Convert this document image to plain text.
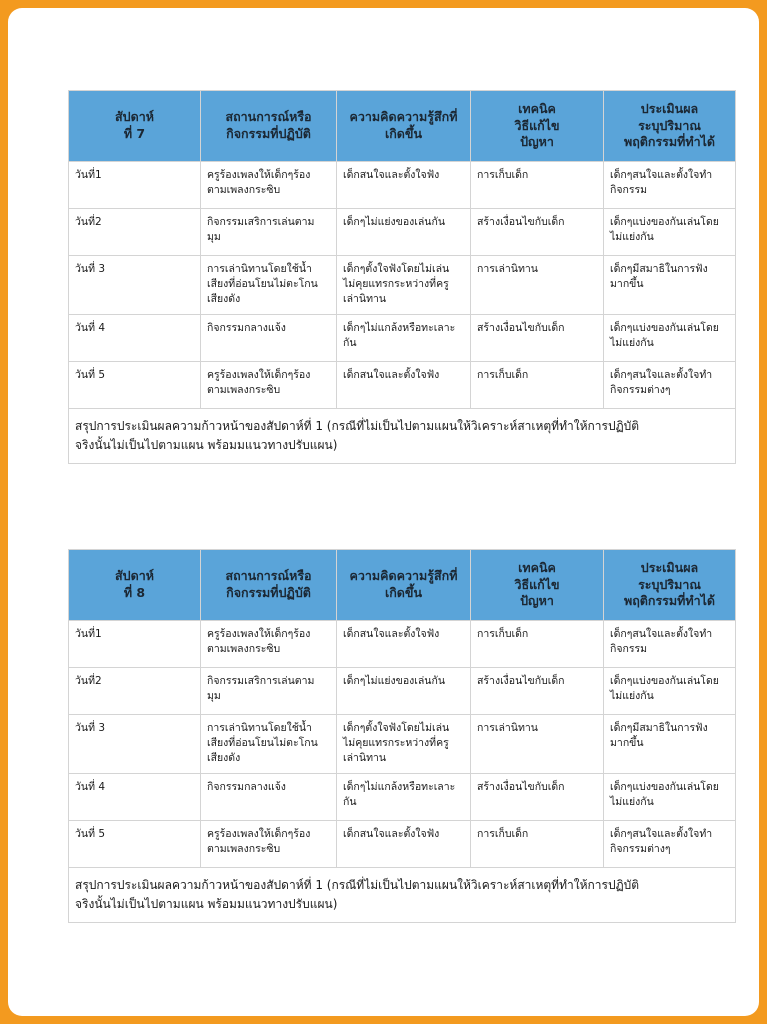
สัปดาห์
ที่ 7	สถานการณ์หรือ
กิจกรรมที่ปฏิบัติ	ความคิดความรู้สึกที่
เกิดขึ้น	เทคนิค
วิธีแก้ไข
ปัญหา	ประเมินผล
ระบุปริมาณ
พฤติกรรมที่ทำได้
วันที่1	ครูร้องเพลงให้เด็กๆร้อง
ตามเพลงกระซิบ	เด็กสนใจและตั้งใจฟัง	การเก็บเด็ก	เด็กๆสนใจและตั้งใจทำ
กิจกรรม
วันที่2	กิจกรรมเสริการเล่นตาม
มุม	เด็กๆไม่แย่งของเล่นกัน	สร้างเงื่อนไขกับเด็ก	เด็กๆแบ่งของกันเล่นโดย
ไม่แย่งกัน
วันที่ 3	การเล่านิทานโดยใช้น้ำ
เสียงที่อ่อนโยนไม่ตะโกน
เสียงดัง	เด็กๆตั้งใจฟังโดยไม่เล่น
ไม่คุยแทรกระหว่างที่ครู
เล่านิทาน	การเล่านิทาน	เด็กๆมีสมาธิในการฟัง
มากขึ้น
วันที่ 4	กิจกรรมกลางแจ้ง	เด็กๆไม่แกล้งหรือทะเลาะ
กัน	สร้างเงื่อนไขกับเด็ก	เด็กๆแบ่งของกันเล่นโดย
ไม่แย่งกัน
วันที่ 5	ครูร้องเพลงให้เด็กๆร้อง
ตามเพลงกระซิบ	เด็กสนใจและตั้งใจฟัง	การเก็บเด็ก	เด็กๆสนใจและตั้งใจทำ
กิจกรรมต่างๆ
สรุปการประเมินผลความก้าวหน้าของสัปดาห์ที่ 1 (กรณีที่ไม่เป็นไปตามแผนให้วิเคราะห์สาเหตุที่ทำให้การปฏิบัติ
จริงนั้นไม่เป็นไปตามแผน พร้อมมแนวทางปรับแผน)				
สัปดาห์
ที่ 8	สถานการณ์หรือ
กิจกรรมที่ปฏิบัติ	ความคิดความรู้สึกที่
เกิดขึ้น	เทคนิค
วิธีแก้ไข
ปัญหา	ประเมินผล
ระบุปริมาณ
พฤติกรรมที่ทำได้
วันที่1	ครูร้องเพลงให้เด็กๆร้อง
ตามเพลงกระซิบ	เด็กสนใจและตั้งใจฟัง	การเก็บเด็ก	เด็กๆสนใจและตั้งใจทำ
กิจกรรม
วันที่2	กิจกรรมเสริการเล่นตาม
มุม	เด็กๆไม่แย่งของเล่นกัน	สร้างเงื่อนไขกับเด็ก	เด็กๆแบ่งของกันเล่นโดย
ไม่แย่งกัน
วันที่ 3	การเล่านิทานโดยใช้น้ำ
เสียงที่อ่อนโยนไม่ตะโกน
เสียงดัง	เด็กๆตั้งใจฟังโดยไม่เล่น
ไม่คุยแทรกระหว่างที่ครู
เล่านิทาน	การเล่านิทาน	เด็กๆมีสมาธิในการฟัง
มากขึ้น
วันที่ 4	กิจกรรมกลางแจ้ง	เด็กๆไม่แกล้งหรือทะเลาะ
กัน	สร้างเงื่อนไขกับเด็ก	เด็กๆแบ่งของกันเล่นโดย
ไม่แย่งกัน
วันที่ 5	ครูร้องเพลงให้เด็กๆร้อง
ตามเพลงกระซิบ	เด็กสนใจและตั้งใจฟัง	การเก็บเด็ก	เด็กๆสนใจและตั้งใจทำ
กิจกรรมต่างๆ
สรุปการประเมินผลความก้าวหน้าของสัปดาห์ที่ 1 (กรณีที่ไม่เป็นไปตามแผนให้วิเคราะห์สาเหตุที่ทำให้การปฏิบัติ
จริงนั้นไม่เป็นไปตามแผน พร้อมมแนวทางปรับแผน)				
